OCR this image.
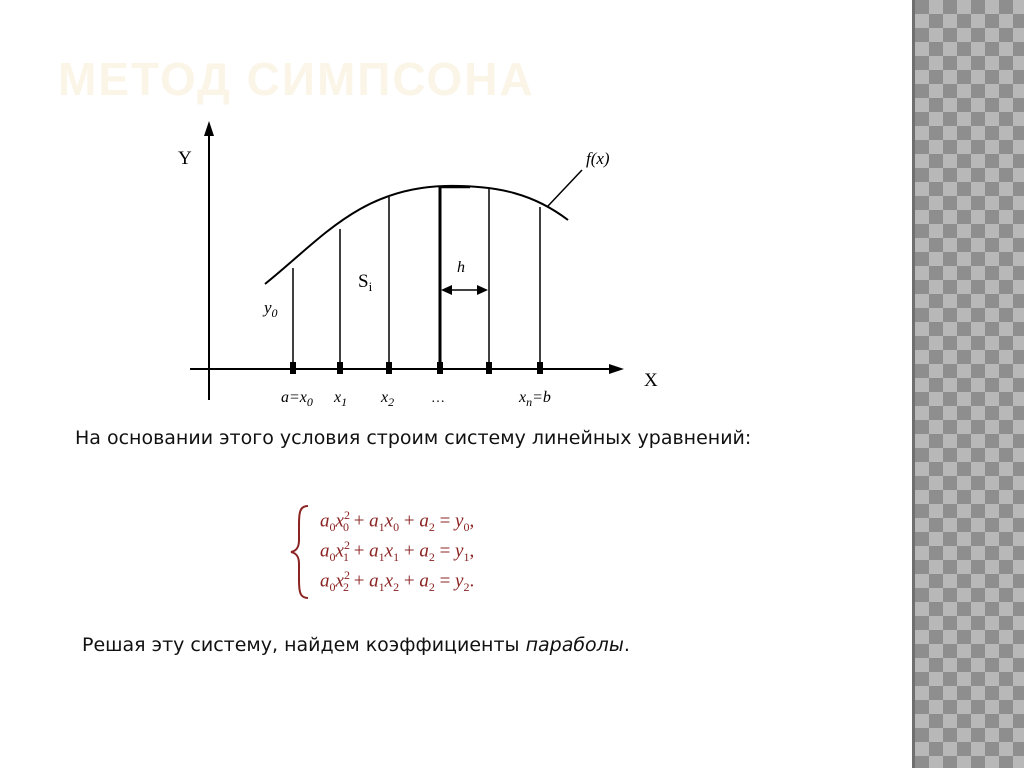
МЕТОД СИМПСОНА
Y
X
f(x)
h
$S_i$
$y_0$
$a=x_0$ $x_1$ $x_2$	…	$x_n=b$

На основании этого условия строим систему линейных уравнений:

$a_0x^2_0 + a_1x_0 + a_2 = y_0$,
$a_0x^2_1 + a_1x_1 + a_2 = y_1$,
$a_0x^2_2 + a_1x_2 + a_2 = y_2$.

Решая эту систему, найдем коэффициенты параболы.
